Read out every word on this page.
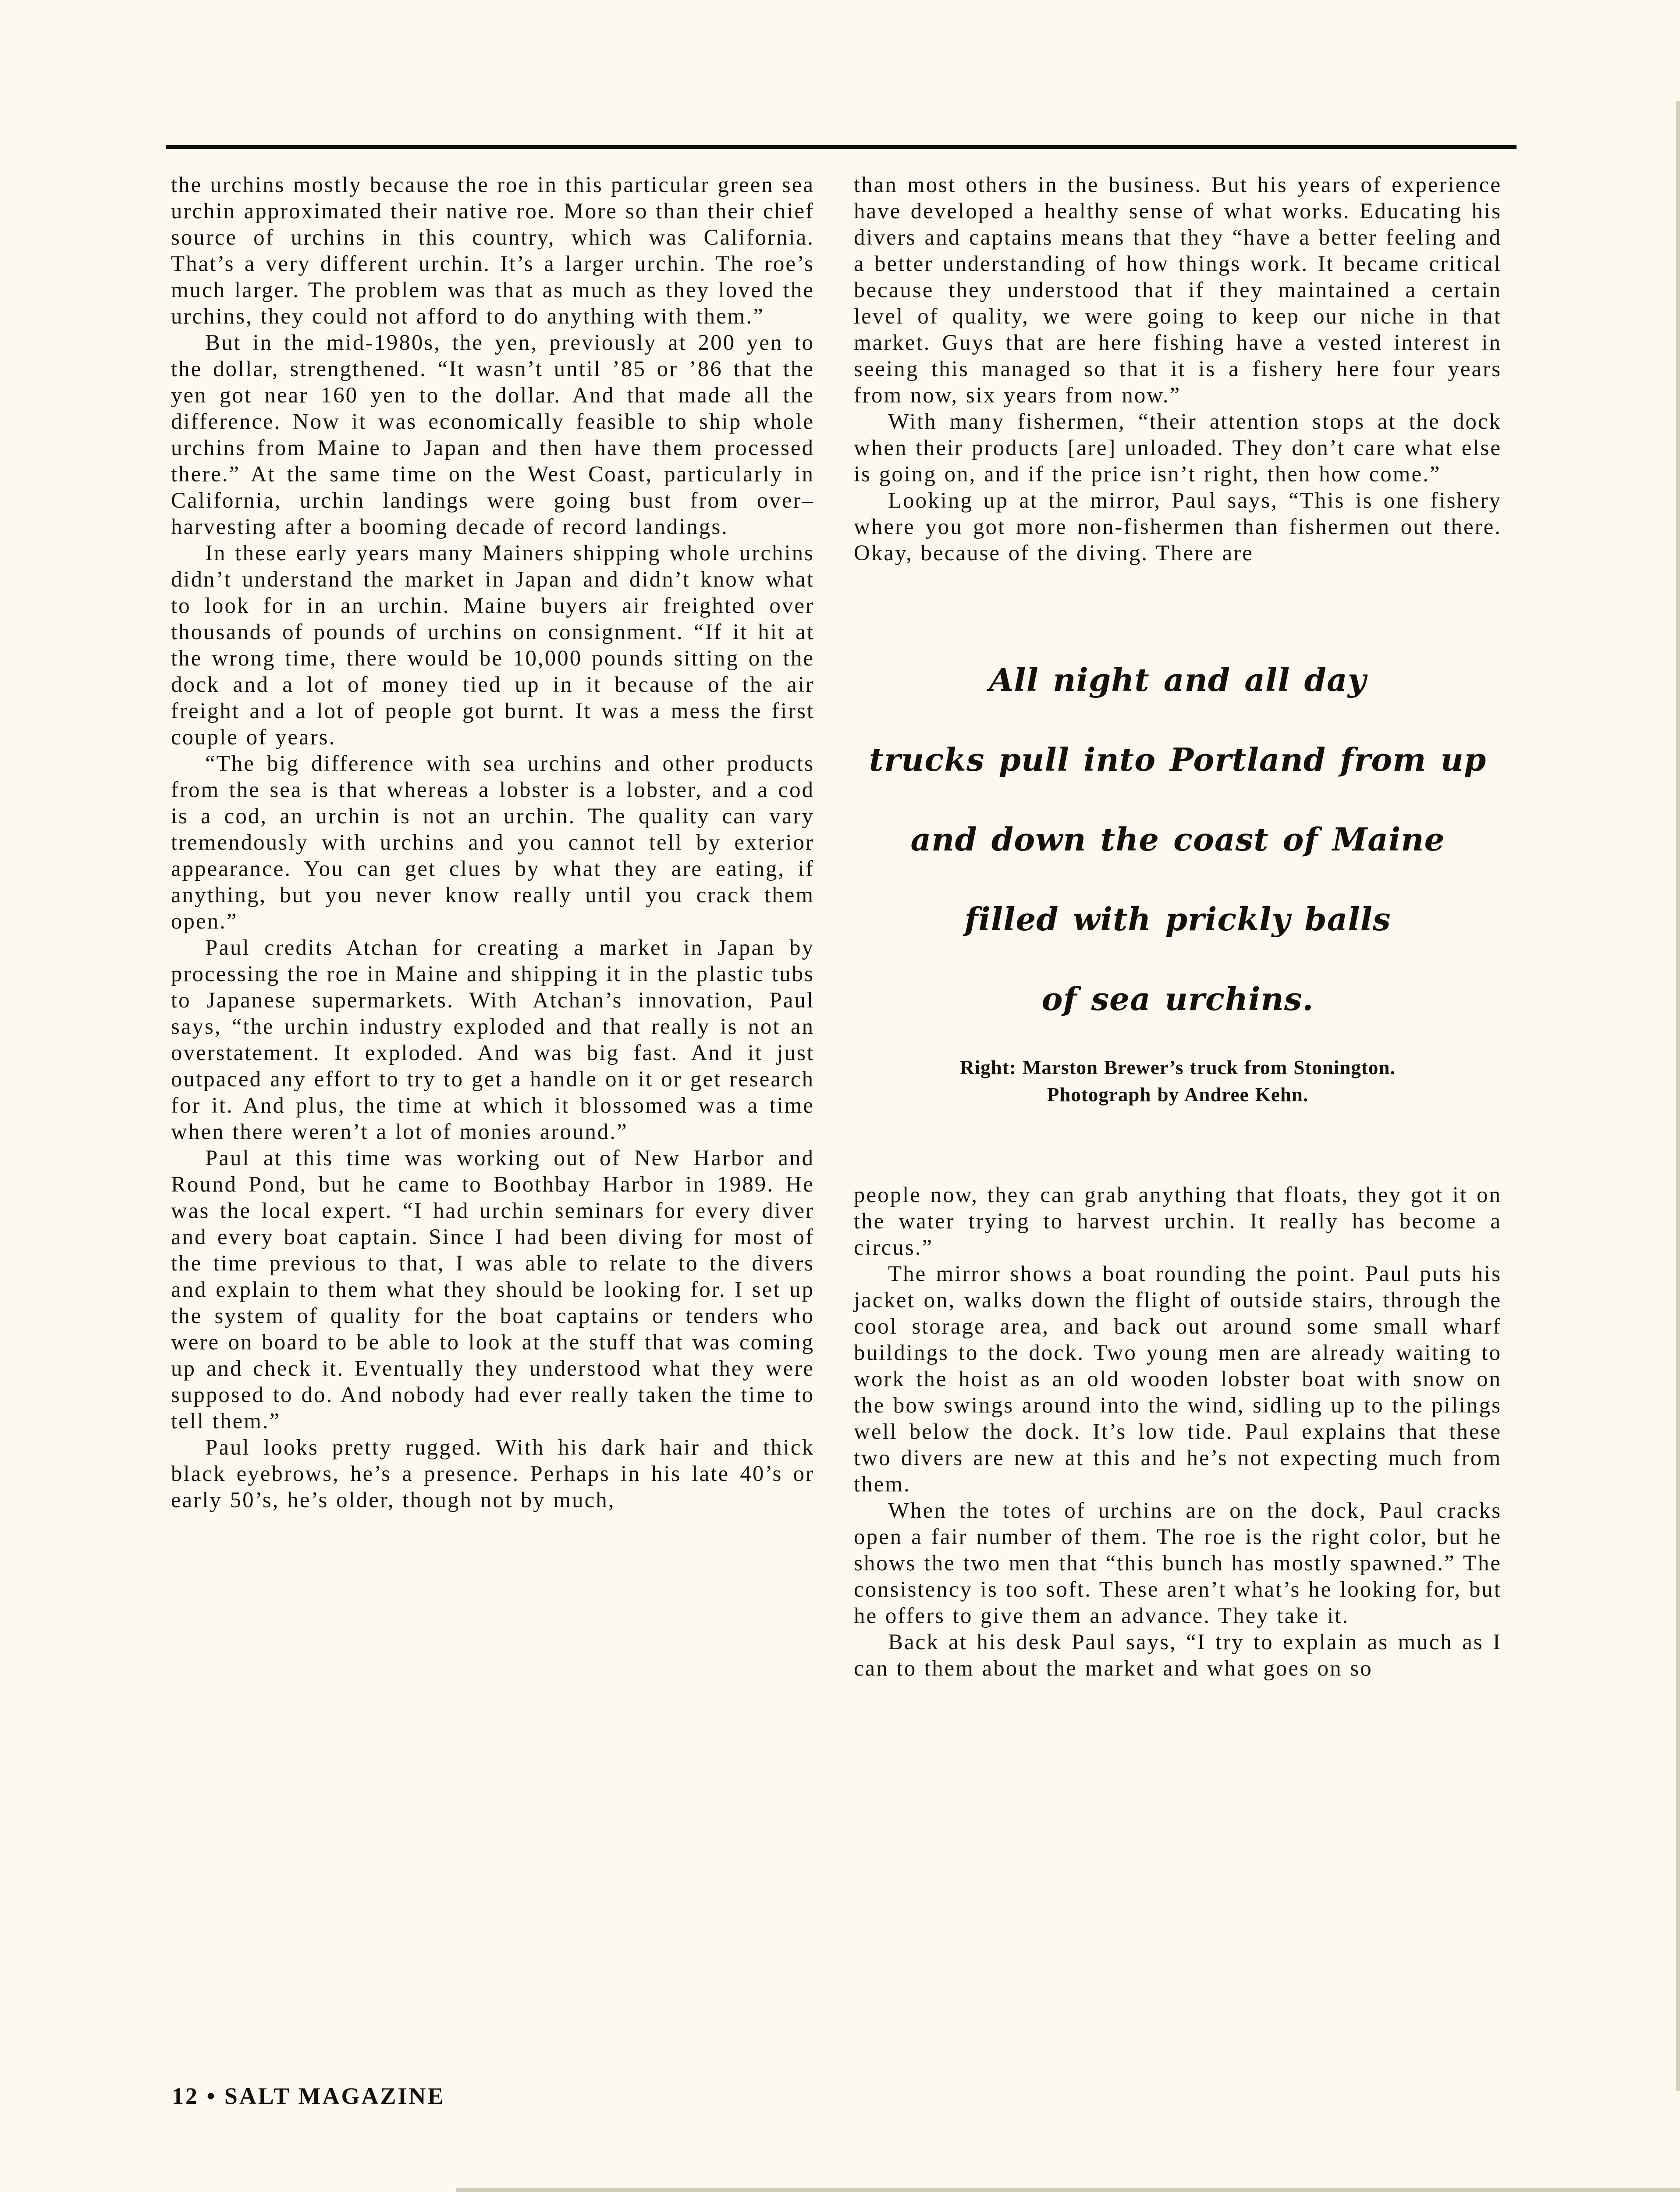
the urchins mostly because the roe in this particular green sea urchin approximated their native roe. More so than their chief source of urchins in this country, which was California. That’s a very different urchin. It’s a larger urchin. The roe’s much larger. The problem was that as much as they loved the urchins, they could not afford to do anything with them.”

But in the mid-1980s, the yen, previously at 200 yen to the dollar, strengthened. “It wasn’t until ’85 or ’86 that the yen got near 160 yen to the dollar. And that made all the difference. Now it was economically feasible to ship whole urchins from Maine to Japan and then have them processed there.” At the same time on the West Coast, particularly in California, urchin landings were going bust from over–harvesting after a booming decade of record landings.

In these early years many Mainers shipping whole urchins didn’t understand the market in Japan and didn’t know what to look for in an urchin. Maine buyers air freighted over thousands of pounds of urchins on consignment. “If it hit at the wrong time, there would be 10,000 pounds sitting on the dock and a lot of money tied up in it because of the air freight and a lot of people got burnt. It was a mess the first couple of years.

“The big difference with sea urchins and other products from the sea is that whereas a lobster is a lobster, and a cod is a cod, an urchin is not an urchin. The quality can vary tremendously with urchins and you cannot tell by exterior appearance. You can get clues by what they are eating, if anything, but you never know really until you crack them open.”

Paul credits Atchan for creating a market in Japan by processing the roe in Maine and shipping it in the plastic tubs to Japanese supermarkets. With Atchan’s innovation, Paul says, “the urchin industry exploded and that really is not an overstatement. It exploded. And was big fast. And it just outpaced any effort to try to get a handle on it or get research for it. And plus, the time at which it blossomed was a time when there weren’t a lot of monies around.”

Paul at this time was working out of New Harbor and Round Pond, but he came to Boothbay Harbor in 1989. He was the local expert. “I had urchin seminars for every diver and every boat captain. Since I had been diving for most of the time previous to that, I was able to relate to the divers and explain to them what they should be looking for. I set up the system of quality for the boat captains or tenders who were on board to be able to look at the stuff that was coming up and check it. Eventually they understood what they were supposed to do. And nobody had ever really taken the time to tell them.”

Paul looks pretty rugged. With his dark hair and thick black eyebrows, he’s a presence. Perhaps in his late 40’s or early 50’s, he’s older, though not by much,

than most others in the business. But his years of experience have developed a healthy sense of what works. Educating his divers and captains means that they “have a better feeling and a better understanding of how things work. It became critical because they understood that if they maintained a certain level of quality, we were going to keep our niche in that market. Guys that are here fishing have a vested interest in seeing this managed so that it is a fishery here four years from now, six years from now.”

With many fishermen, “their attention stops at the dock when their products [are] unloaded. They don’t care what else is going on, and if the price isn’t right, then how come.”

Looking up at the mirror, Paul says, “This is one fishery where you got more non-fishermen than fishermen out there. Okay, because of the diving. There are

All night and all day
trucks pull into Portland from up
and down the coast of Maine
filled with prickly balls
of sea urchins.
Right: Marston Brewer’s truck from Stonington.
Photograph by Andree Kehn.

people now, they can grab anything that floats, they got it on the water trying to harvest urchin. It really has become a circus.”

The mirror shows a boat rounding the point. Paul puts his jacket on, walks down the flight of outside stairs, through the cool storage area, and back out around some small wharf buildings to the dock. Two young men are already waiting to work the hoist as an old wooden lobster boat with snow on the bow swings around into the wind, sidling up to the pilings well below the dock. It’s low tide. Paul explains that these two divers are new at this and he’s not expecting much from them.

When the totes of urchins are on the dock, Paul cracks open a fair number of them. The roe is the right color, but he shows the two men that “this bunch has mostly spawned.” The consistency is too soft. These aren’t what’s he looking for, but he offers to give them an advance. They take it.

Back at his desk Paul says, “I try to explain as much as I can to them about the market and what goes on so

12 • SALT MAGAZINE
